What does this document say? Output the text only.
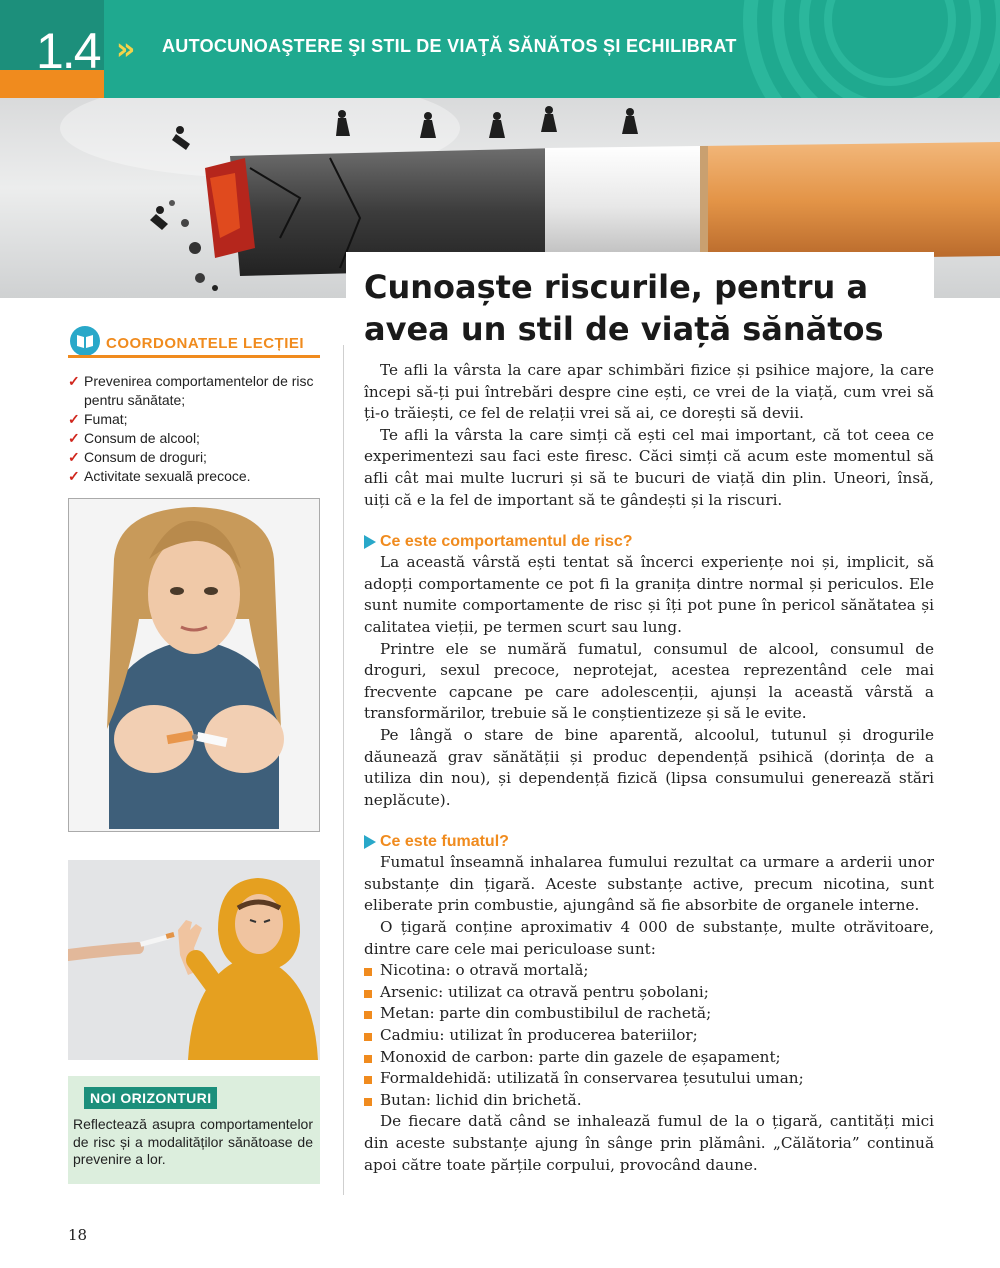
1.4 » AUTOCUNOAŞTERE ŞI STIL DE VIAŢĂ SĂNĂTOS ȘI ECHILIBRAT
Cunoaște riscurile, pentru a avea un stil de viață sănătos
COORDONATELE LECȚIEI
✓ Prevenirea comportamentelor de risc pentru sănătate;
✓ Fumat;
✓ Consum de alcool;
✓ Consum de droguri;
✓ Activitate sexuală precoce.
NOI ORIZONTURI

Reflectează asupra comportamentelor de risc și a modalităților sănătoase de prevenire a lor.

Te afli la vârsta la care apar schimbări fizice și psihice majore, la care începi să-ți pui întrebări despre cine ești, ce vrei de la viață, cum vrei să ți-o trăiești, ce fel de relații vrei să ai, ce dorești să devii.

Te afli la vârsta la care simți că ești cel mai important, că tot ceea ce experimentezi sau faci este firesc. Căci simți că acum este momentul să afli cât mai multe lucruri și să te bucuri de viață din plin. Uneori, însă, uiți că e la fel de important să te gândești și la riscuri.

Ce este comportamentul de risc?

La această vârstă ești tentat să încerci experiențe noi și, implicit, să adopți comportamente ce pot fi la granița dintre normal și periculos. Ele sunt numite comportamente de risc și îți pot pune în pericol sănătatea și calitatea vieții, pe termen scurt sau lung.

Printre ele se numără fumatul, consumul de alcool, consumul de droguri, sexul precoce, neprotejat, acestea reprezentând cele mai frecvente capcane pe care adolescenții, ajunși la această vârstă a transformărilor, trebuie să le conștientizeze și să le evite.

Pe lângă o stare de bine aparentă, alcoolul, tutunul și drogurile dăunează grav sănătății și produc dependență psihică (dorința de a utiliza din nou), și dependență fizică (lipsa consumului generează stări neplăcute).

Ce este fumatul?

Fumatul înseamnă inhalarea fumului rezultat ca urmare a arderii unor substanțe din țigară. Aceste substanțe active, precum nicotina, sunt eliberate prin combustie, ajungând să fie absorbite de organele interne.

O țigară conține aproximativ 4 000 de substanțe, multe otrăvitoare, dintre care cele mai periculoase sunt:

Nicotina: o otravă mortală;
Arsenic: utilizat ca otravă pentru șobolani;
Metan: parte din combustibilul de rachetă;
Cadmiu: utilizat în producerea bateriilor;
Monoxid de carbon: parte din gazele de eșapament;
Formaldehidă: utilizată în conservarea țesutului uman;
Butan: lichid din brichetă.

De fiecare dată când se inhalează fumul de la o țigară, cantități mici din aceste substanțe ajung în sânge prin plămâni. „Călătoria” continuă apoi către toate părțile corpului, provocând daune.

18
